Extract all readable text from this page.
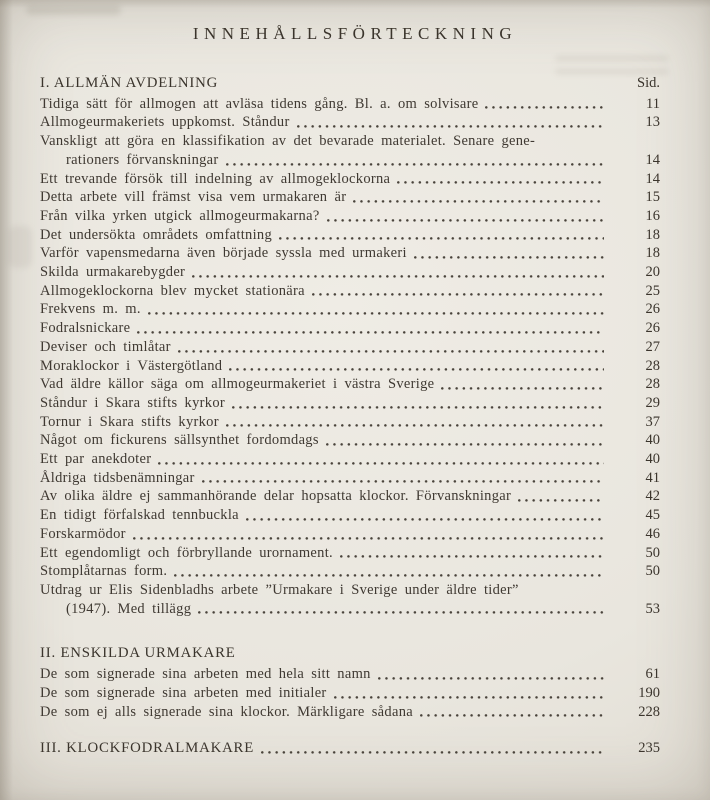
INNEHÅLLSFÖRTECKNING
I. ALLMÄN AVDELNING	Sid.
Tidiga sätt för allmogen att avläsa tidens gång. Bl. a. om solvisare	11
Allmogeurmakeriets uppkomst. Ståndur	13
Vanskligt att göra en klassifikation av det bevarade materialet. Senare gene-
rationers förvanskningar	14
Ett trevande försök till indelning av allmogeklockorna	14
Detta arbete vill främst visa vem urmakaren är	15
Från vilka yrken utgick allmogeurmakarna?	16
Det undersökta områdets omfattning	18
Varför vapensmedarna även började syssla med urmakeri	18
Skilda urmakarebygder	20
Allmogeklockorna blev mycket stationära	25
Frekvens m. m.	26
Fodralsnickare	26
Deviser och timlåtar	27
Moraklockor i Västergötland	28
Vad äldre källor säga om allmogeurmakeriet i västra Sverige	28
Ståndur i Skara stifts kyrkor	29
Tornur i Skara stifts kyrkor	37
Något om fickurens sällsynthet fordomdags	40
Ett par anekdoter	40
Åldriga tidsbenämningar	41
Av olika äldre ej sammanhörande delar hopsatta klockor. Förvanskningar	42
En tidigt förfalskad tennbuckla	45
Forskarmödor	46
Ett egendomligt och förbryllande urornament.	50
Stomplåtarnas form.	50
Utdrag ur Elis Sidenbladhs arbete ”Urmakare i Sverige under äldre tider”
(1947). Med tillägg	53
II. ENSKILDA URMAKARE
De som signerade sina arbeten med hela sitt namn	61
De som signerade sina arbeten med initialer	190
De som ej alls signerade sina klockor. Märkligare sådana	228
III. KLOCKFODRALMAKARE	235
